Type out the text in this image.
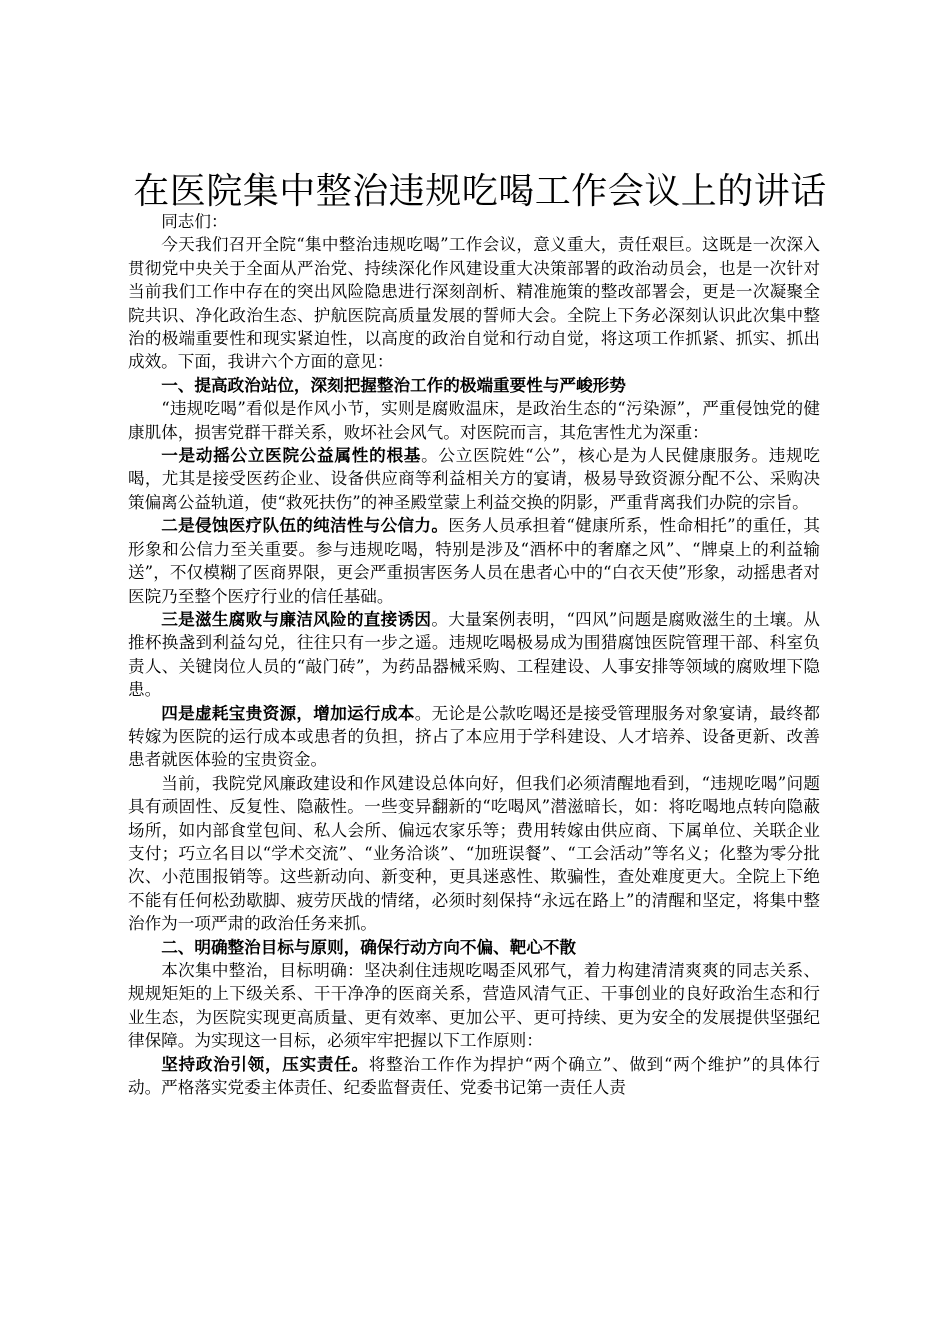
在医院集中整治违规吃喝工作会议上的讲话

同志们：

今天我们召开全院“集中整治违规吃喝”工作会议，意义重大，责任艰巨。这既是一次深入贯彻党中央关于全面从严治党、持续深化作风建设重大决策部署的政治动员会，也是一次针对当前我们工作中存在的突出风险隐患进行深刻剖析、精准施策的整改部署会，更是一次凝聚全院共识、净化政治生态、护航医院高质量发展的誓师大会。全院上下务必深刻认识此次集中整治的极端重要性和现实紧迫性，以高度的政治自觉和行动自觉，将这项工作抓紧、抓实、抓出成效。下面，我讲六个方面的意见：

一、提高政治站位，深刻把握整治工作的极端重要性与严峻形势

“违规吃喝”看似是作风小节，实则是腐败温床，是政治生态的“污染源”，严重侵蚀党的健康肌体，损害党群干群关系，败坏社会风气。对医院而言，其危害性尤为深重：

一是动摇公立医院公益属性的根基。公立医院姓“公”，核心是为人民健康服务。违规吃喝，尤其是接受医药企业、设备供应商等利益相关方的宴请，极易导致资源分配不公、采购决策偏离公益轨道，使“救死扶伤”的神圣殿堂蒙上利益交换的阴影，严重背离我们办院的宗旨。

二是侵蚀医疗队伍的纯洁性与公信力。医务人员承担着“健康所系，性命相托”的重任，其形象和公信力至关重要。参与违规吃喝，特别是涉及“酒杯中的奢靡之风”、“牌桌上的利益输送”，不仅模糊了医商界限，更会严重损害医务人员在患者心中的“白衣天使”形象，动摇患者对医院乃至整个医疗行业的信任基础。

三是滋生腐败与廉洁风险的直接诱因。大量案例表明，“四风”问题是腐败滋生的土壤。从推杯换盏到利益勾兑，往往只有一步之遥。违规吃喝极易成为围猎腐蚀医院管理干部、科室负责人、关键岗位人员的“敲门砖”，为药品器械采购、工程建设、人事安排等领域的腐败埋下隐患。

四是虚耗宝贵资源，增加运行成本。无论是公款吃喝还是接受管理服务对象宴请，最终都转嫁为医院的运行成本或患者的负担，挤占了本应用于学科建设、人才培养、设备更新、改善患者就医体验的宝贵资金。

当前，我院党风廉政建设和作风建设总体向好，但我们必须清醒地看到，“违规吃喝”问题具有顽固性、反复性、隐蔽性。一些变异翻新的“吃喝风”潜滋暗长，如：将吃喝地点转向隐蔽场所，如内部食堂包间、私人会所、偏远农家乐等；费用转嫁由供应商、下属单位、关联企业支付；巧立名目以“学术交流”、“业务洽谈”、“加班误餐”、“工会活动”等名义；化整为零分批次、小范围报销等。这些新动向、新变种，更具迷惑性、欺骗性，查处难度更大。全院上下绝不能有任何松劲歇脚、疲劳厌战的情绪，必须时刻保持“永远在路上”的清醒和坚定，将集中整治作为一项严肃的政治任务来抓。

二、明确整治目标与原则，确保行动方向不偏、靶心不散

本次集中整治，目标明确：坚决刹住违规吃喝歪风邪气，着力构建清清爽爽的同志关系、规规矩矩的上下级关系、干干净净的医商关系，营造风清气正、干事创业的良好政治生态和行业生态，为医院实现更高质量、更有效率、更加公平、更可持续、更为安全的发展提供坚强纪律保障。为实现这一目标，必须牢牢把握以下工作原则：

坚持政治引领，压实责任。将整治工作作为捍护“两个确立”、做到“两个维护”的具体行动。严格落实党委主体责任、纪委监督责任、党委书记第一责任人责
